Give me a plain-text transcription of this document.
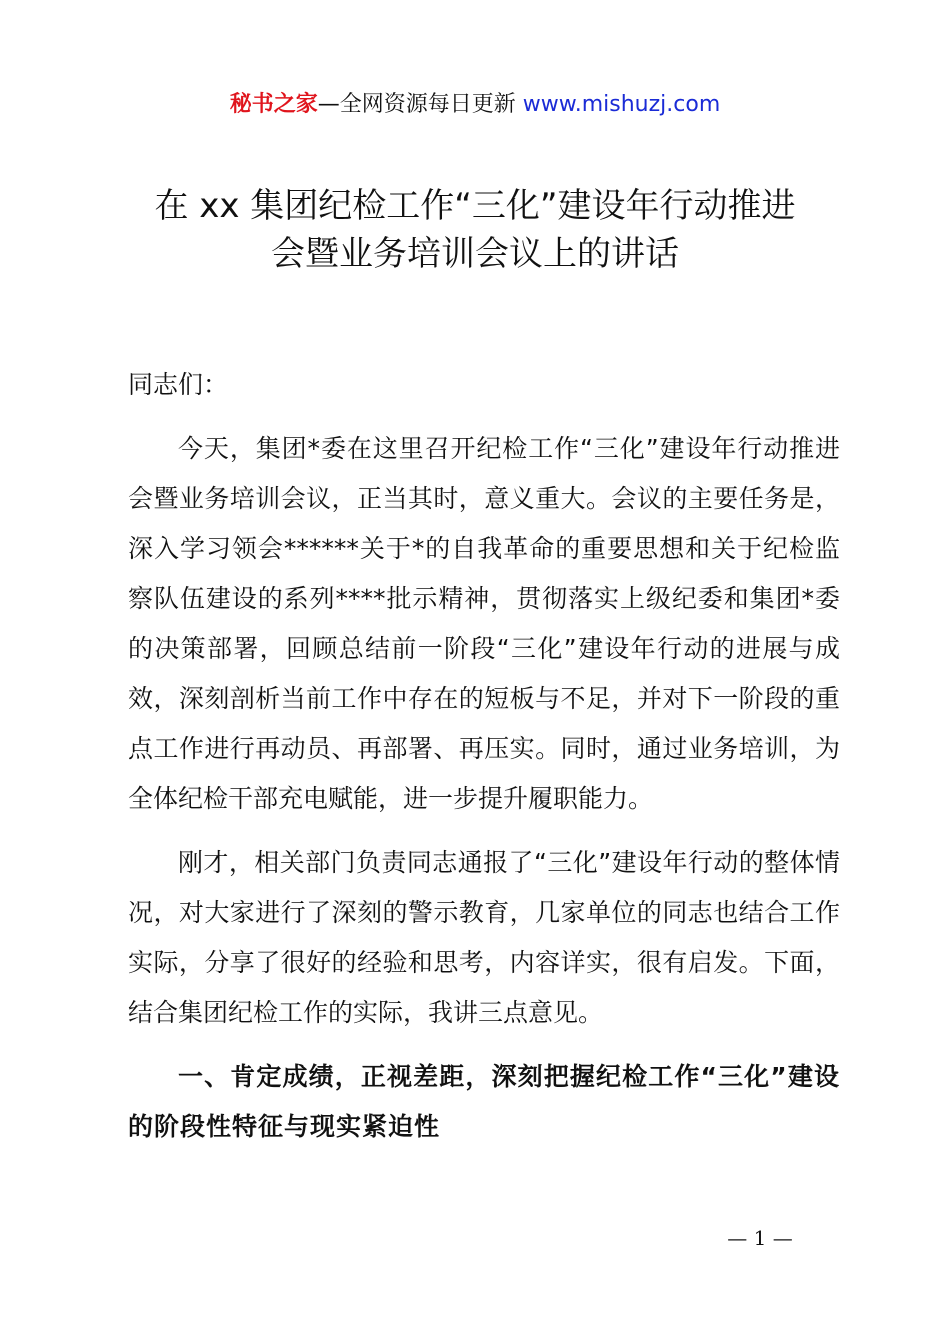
秘书之家—全网资源每日更新 www.mishuzj.com
在 xx 集团纪检工作“三化”建设年行动推进
会暨业务培训会议上的讲话

同志们：

今天，集团*委在这里召开纪检工作“三化”建设年行动推进会暨业务培训会议，正当其时，意义重大。会议的主要任务是，深入学习领会******关于*的自我革命的重要思想和关于纪检监察队伍建设的系列****批示精神，贯彻落实上级纪委和集团*委的决策部署，回顾总结前一阶段“三化”建设年行动的进展与成效，深刻剖析当前工作中存在的短板与不足，并对下一阶段的重点工作进行再动员、再部署、再压实。同时，通过业务培训，为全体纪检干部充电赋能，进一步提升履职能力。

刚才，相关部门负责同志通报了“三化”建设年行动的整体情况，对大家进行了深刻的警示教育，几家单位的同志也结合工作实际，分享了很好的经验和思考，内容详实，很有启发。下面，结合集团纪检工作的实际，我讲三点意见。

一、肯定成绩，正视差距，深刻把握纪检工作“三化”建设的阶段性特征与现实紧迫性

— 1 —
